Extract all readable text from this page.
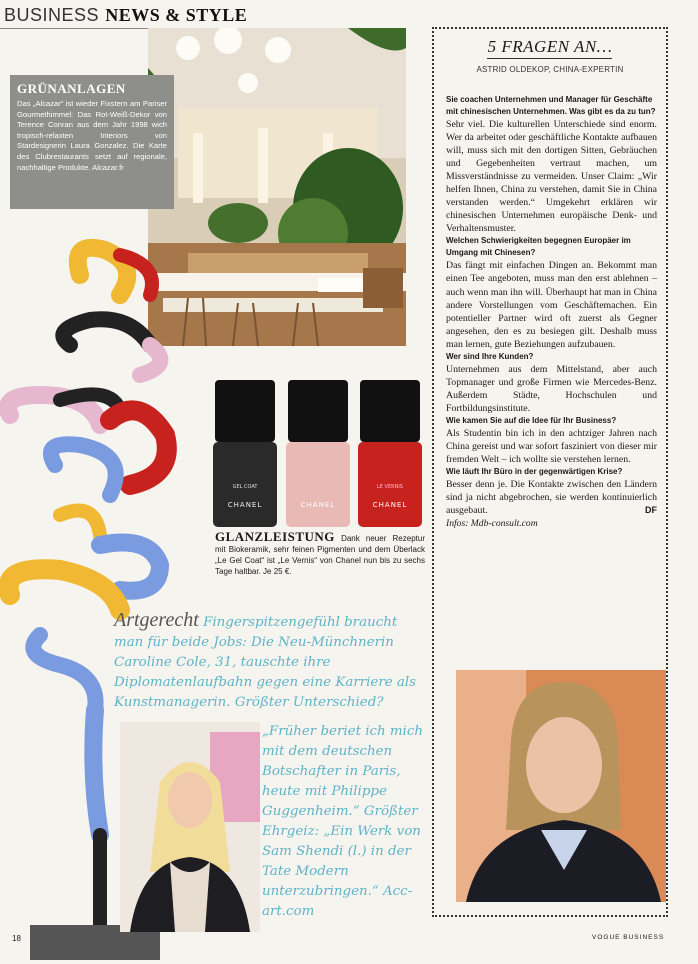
BUSINESS NEWS & STYLE
GRÜNANLAGEN

Das „Alcazar“ ist wieder Fixstern am Pariser Gourmethimmel: Das Rot-Weiß-Dekor von Terence Conran aus dem Jahr 1998 wich tropisch-relaxten Interiors von Stardesignerin Laura Gonzalez. Die Karte des Clubrestaurants setzt auf regionale, nachhaltige Produkte. Alcazar.fr

GEL COAT
CHANEL	CHANEL
LE VERNIS
CHANEL
GLANZLEISTUNG Dank neuer Rezeptur mit Biokeramik, sehr feinen Pigmenten und dem Überlack „Le Gel Coat“ ist „Le Vernis“ von Chanel nun bis zu sechs Tage haltbar. Je 25 €.
Artgerecht Fingerspitzengefühl braucht man für beide Jobs: Die Neu-Münchnerin Caroline Cole, 31, tauschte ihre Diplomatenlaufbahn gegen eine Karriere als Kunstmanagerin. Größter Unterschied?
„Früher beriet ich mich mit dem deutschen Botschafter in Paris, heute mit Philippe Guggenheim.“ Größter Ehrgeiz: „Ein Werk von Sam Shendi (l.) in der Tate Modern unterzubringen.“ Acc-art.com
5 FRAGEN AN…
ASTRID OLDEKOP, CHINA-EXPERTIN

Sie coachen Unternehmen und Manager für Geschäfte mit chinesischen Unternehmen. Was gibt es da zu tun?

Sehr viel. Die kulturellen Unterschiede sind enorm. Wer da arbeitet oder geschäftliche Kontakte aufbauen will, muss sich mit den dortigen Sitten, Gebräuchen und Gegebenheiten vertraut machen, um Missverständnisse zu vermeiden. Unser Claim: „Wir helfen Ihnen, China zu verstehen, damit Sie in China verstanden werden.“ Umgekehrt erklären wir chinesischen Unternehmen europäische Denk- und Verhaltensmuster.

Welchen Schwierigkeiten begegnen Europäer im Umgang mit Chinesen?

Das fängt mit einfachen Dingen an. Bekommt man einen Tee angeboten, muss man den erst ablehnen – auch wenn man ihn will. Überhaupt hat man in China andere Vorstellungen vom Geschäftemachen. Ein potentieller Partner wird oft zuerst als Gegner angesehen, den es zu besiegen gilt. Deshalb muss man lernen, gute Beziehungen aufzubauen.

Wer sind Ihre Kunden?

Unternehmen aus dem Mittelstand, aber auch Topmanager und große Firmen wie Mercedes-Benz. Außerdem Städte, Hochschulen und Fortbildungsinstitute.

Wie kamen Sie auf die Idee für Ihr Business?

Als Studentin bin ich in den achtziger Jahren nach China gereist und war sofort fasziniert von dieser mir fremden Welt – ich wollte sie verstehen lernen.

Wie läuft Ihr Büro in der gegenwärtigen Krise?

Besser denn je. Die Kontakte zwischen den Ländern sind ja nicht abgebrochen, sie werden kontinuierlich ausgebaut.	DF

Infos: Mdb-consult.com

18	VOGUE BUSINESS
